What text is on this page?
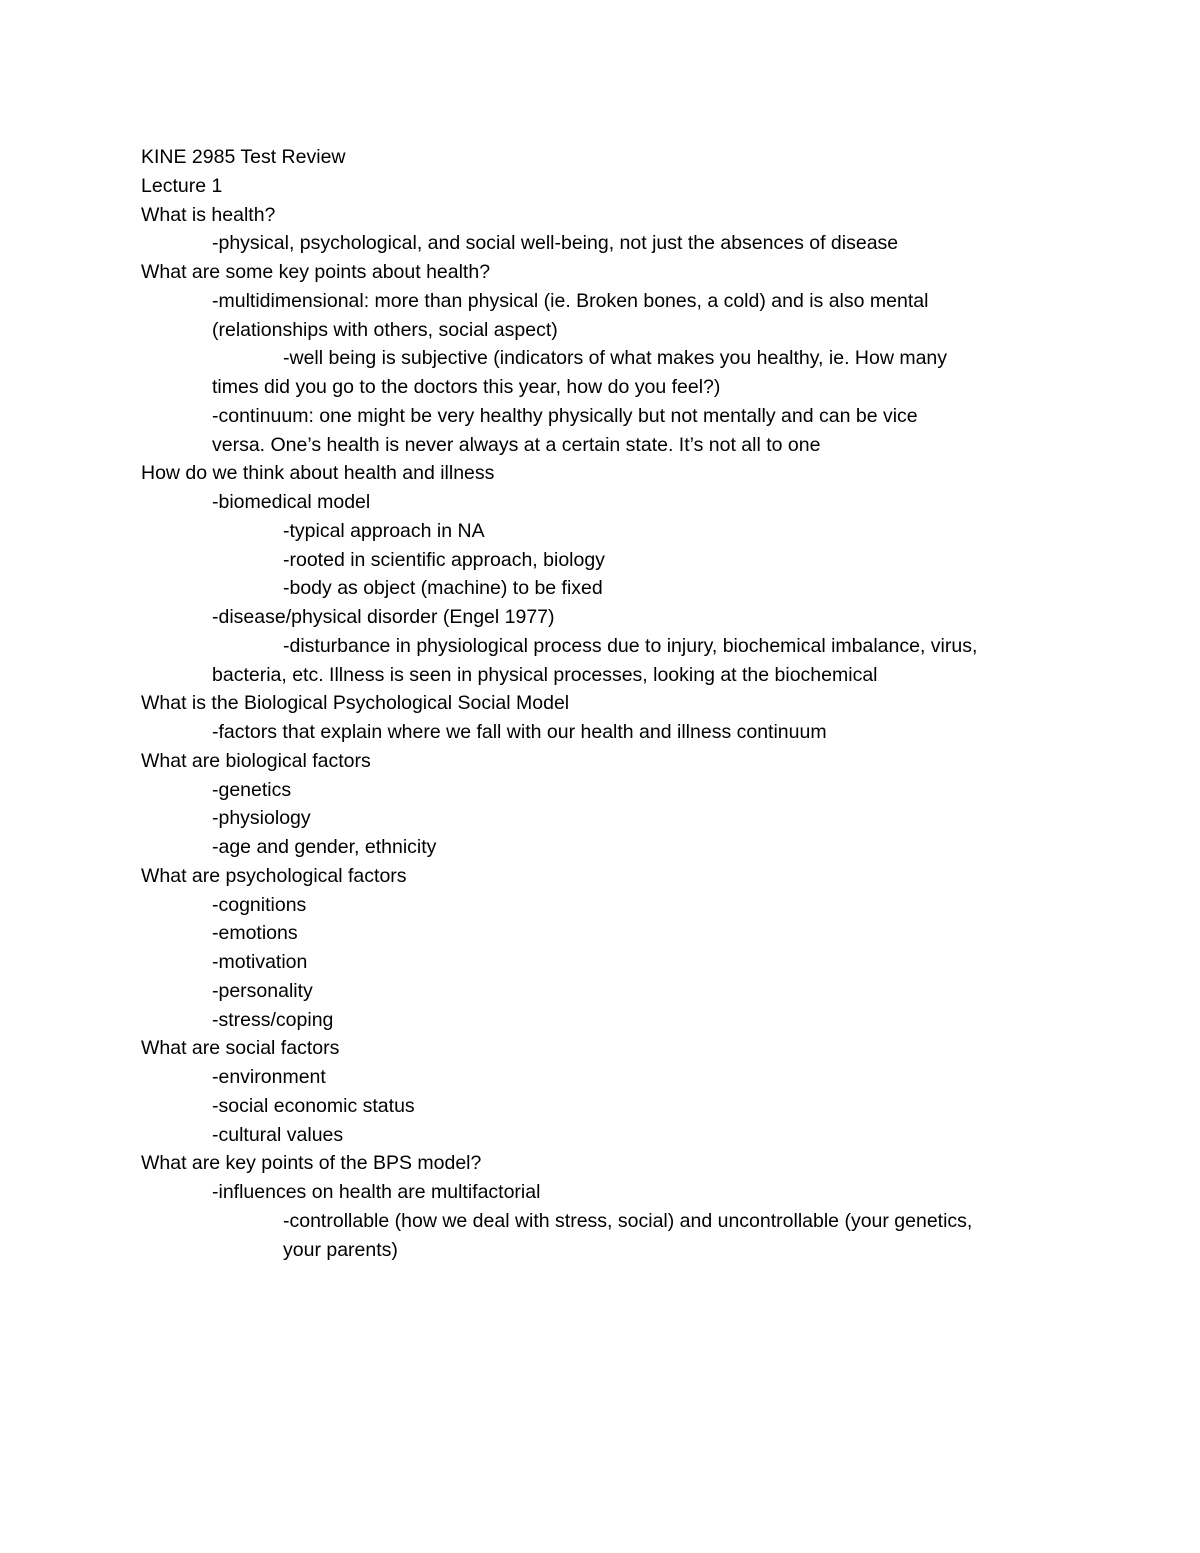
KINE 2985 Test Review
Lecture 1
What is health?
-physical, psychological, and social well-being, not just the absences of disease
What are some key points about health?
-multidimensional: more than physical (ie. Broken bones, a cold) and is also mental
(relationships with others, social aspect)
-well being is subjective (indicators of what makes you healthy, ie. How many
times did you go to the doctors this year, how do you feel?)
-continuum: one might be very healthy physically but not mentally and can be vice
versa. One’s health is never always at a certain state. It’s not all to one
How do we think about health and illness
-biomedical model
-typical approach in NA
-rooted in scientific approach, biology
-body as object (machine) to be fixed
-disease/physical disorder (Engel 1977)
-disturbance in physiological process due to injury, biochemical imbalance, virus,
bacteria, etc. Illness is seen in physical processes, looking at the biochemical
What is the Biological Psychological Social Model
-factors that explain where we fall with our health and illness continuum
What are biological factors
-genetics
-physiology
-age and gender, ethnicity
What are psychological factors
-cognitions
-emotions
-motivation
-personality
-stress/coping
What are social factors
-environment
-social economic status
-cultural values
What are key points of the BPS model?
-influences on health are multifactorial
-controllable (how we deal with stress, social) and uncontrollable (your genetics,
your parents)
